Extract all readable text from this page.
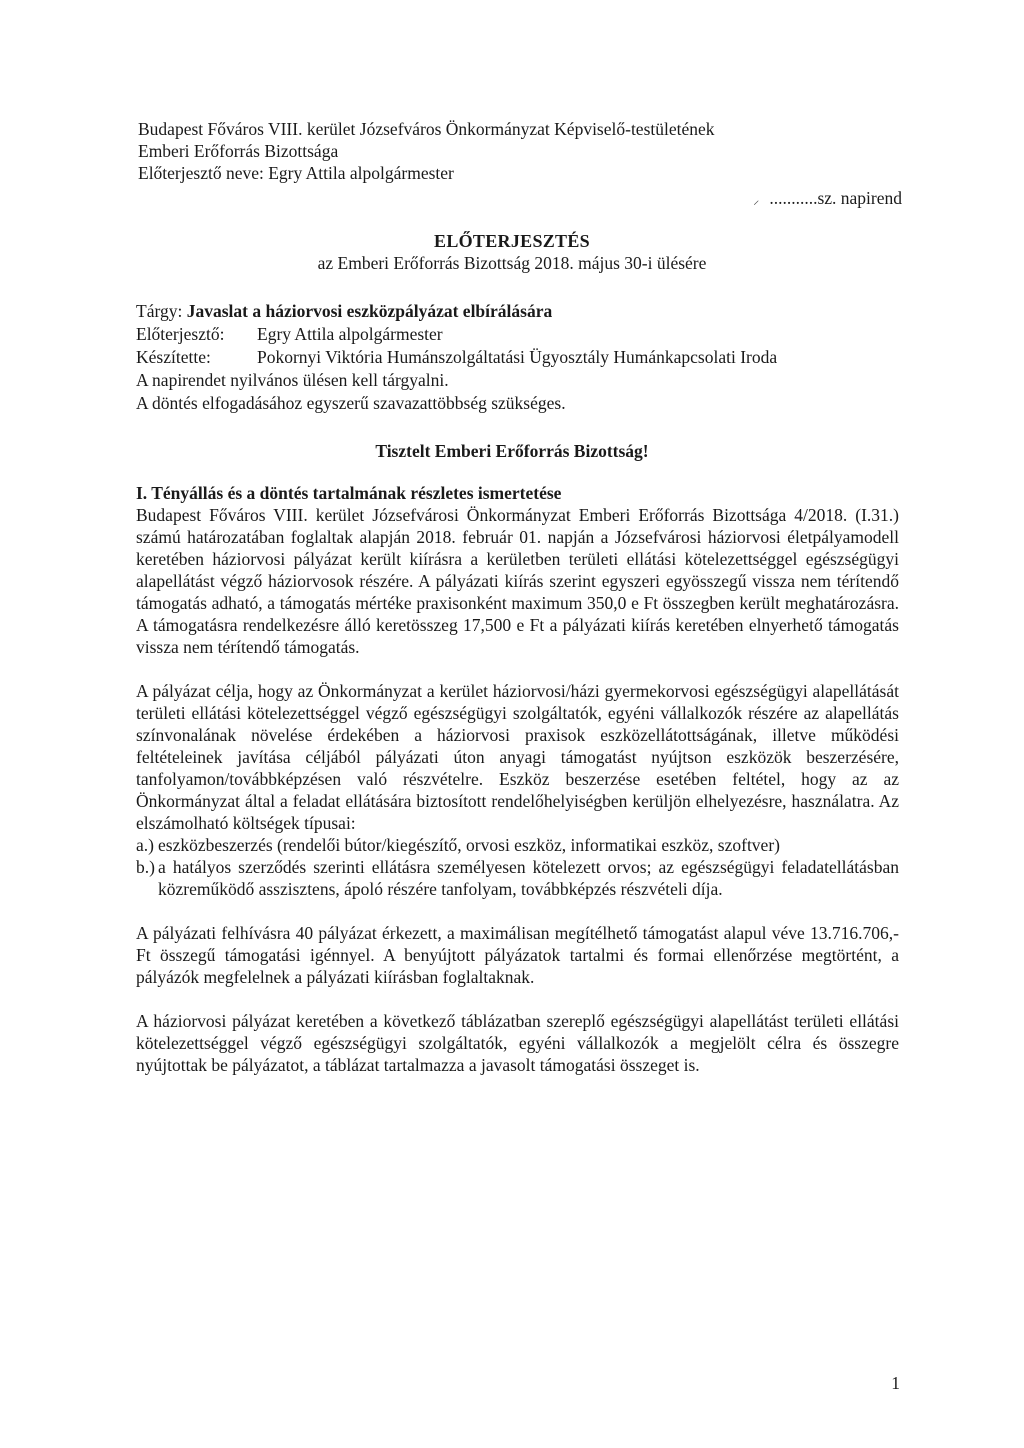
Budapest Főváros VIII. kerület Józsefváros Önkormányzat Képviselő-testületének
Emberi Erőforrás Bizottsága
Előterjesztő neve: Egry Attila alpolgármester
⸝ ...........sz. napirend
ELŐTERJESZTÉS
az Emberi Erőforrás Bizottság 2018. május 30-i ülésére
Tárgy: Javaslat a háziorvosi eszközpályázat elbírálására
Előterjesztő: Egry Attila alpolgármester
Készítette:	Pokornyi Viktória Humánszolgáltatási Ügyosztály Humánkapcsolati Iroda
A napirendet nyilvános ülésen kell tárgyalni.
A döntés elfogadásához egyszerű szavazattöbbség szükséges.
Tisztelt Emberi Erőforrás Bizottság!
I. Tényállás és a döntés tartalmának részletes ismertetése
Budapest Főváros VIII. kerület Józsefvárosi Önkormányzat Emberi Erőforrás Bizottsága 4/2018. (I.31.) számú határozatában foglaltak alapján 2018. február 01. napján a Józsefvárosi háziorvosi életpályamodell keretében háziorvosi pályázat került kiírásra a kerületben területi ellátási kötelezettséggel egészségügyi alapellátást végző háziorvosok részére. A pályázati kiírás szerint egyszeri egyösszegű vissza nem térítendő támogatás adható, a támogatás mértéke praxisonként maximum 350,0 e Ft összegben került meghatározásra. A támogatásra rendelkezésre álló keretösszeg 17,500 e Ft a pályázati kiírás keretében elnyerhető támogatás vissza nem térítendő támogatás.
A pályázat célja, hogy az Önkormányzat a kerület háziorvosi/házi gyermekorvosi egészségügyi alapellátását területi ellátási kötelezettséggel végző egészségügyi szolgáltatók, egyéni vállalkozók részére az alapellátás színvonalának növelése érdekében a háziorvosi praxisok eszközellátottságának, illetve működési feltételeinek javítása céljából pályázati úton anyagi támogatást nyújtson eszközök beszerzésére, tanfolyamon/továbbképzésen való részvételre. Eszköz beszerzése esetében feltétel, hogy az az Önkormányzat által a feladat ellátására biztosított rendelőhelyiségben kerüljön elhelyezésre, használatra. Az elszámolható költségek típusai:
a.) eszközbeszerzés (rendelői bútor/kiegészítő, orvosi eszköz, informatikai eszköz, szoftver)
b.) a hatályos szerződés szerinti ellátásra személyesen kötelezett orvos; az egészségügyi feladatellátásban közreműködő asszisztens, ápoló részére tanfolyam, továbbképzés részvételi díja.
A pályázati felhívásra 40 pályázat érkezett, a maximálisan megítélhető támogatást alapul véve 13.716.706,- Ft összegű támogatási igénnyel. A benyújtott pályázatok tartalmi és formai ellenőrzése megtörtént, a pályázók megfelelnek a pályázati kiírásban foglaltaknak.
A háziorvosi pályázat keretében a következő táblázatban szereplő egészségügyi alapellátást területi ellátási kötelezettséggel végző egészségügyi szolgáltatók, egyéni vállalkozók a megjelölt célra és összegre nyújtottak be pályázatot, a táblázat tartalmazza a javasolt támogatási összeget is.
1
